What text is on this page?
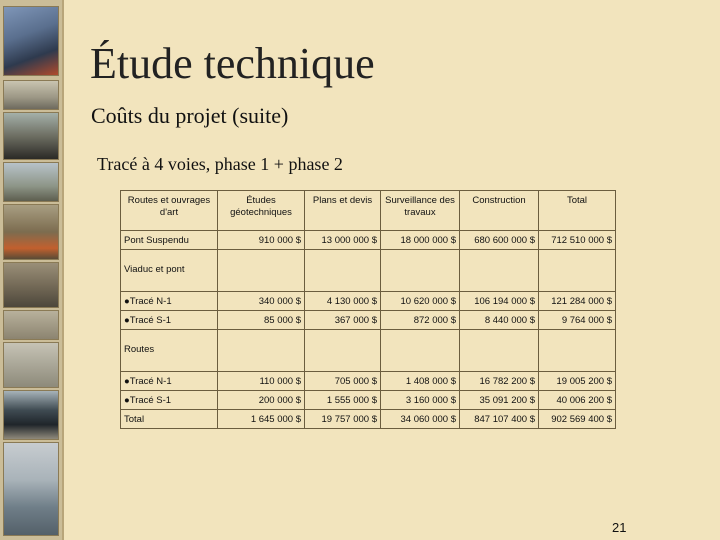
Étude technique
Coûts du projet (suite)
Tracé à 4 voies, phase 1 + phase 2
Routes et ouvrages d'art	Études géotechniques	Plans et devis	Surveillance des travaux	Construction	Total
Pont Suspendu	910 000 $	13 000 000 $	18 000 000 $	680 600 000 $	712 510 000 $
Viaduc et pont					
●Tracé N-1	340 000 $	4 130 000 $	10 620 000 $	106 194 000 $	121 284 000 $
●Tracé S-1	85 000 $	367 000 $	872 000 $	8 440 000 $	9 764 000 $
Routes					
●Tracé N-1	110 000 $	705 000 $	1 408 000 $	16 782 200 $	19 005 200 $
●Tracé S-1	200 000 $	1 555 000 $	3 160 000 $	35 091 200 $	40 006 200 $
Total	1 645 000 $	19 757 000 $	34 060 000 $	847 107 400 $	902 569 400 $
21
